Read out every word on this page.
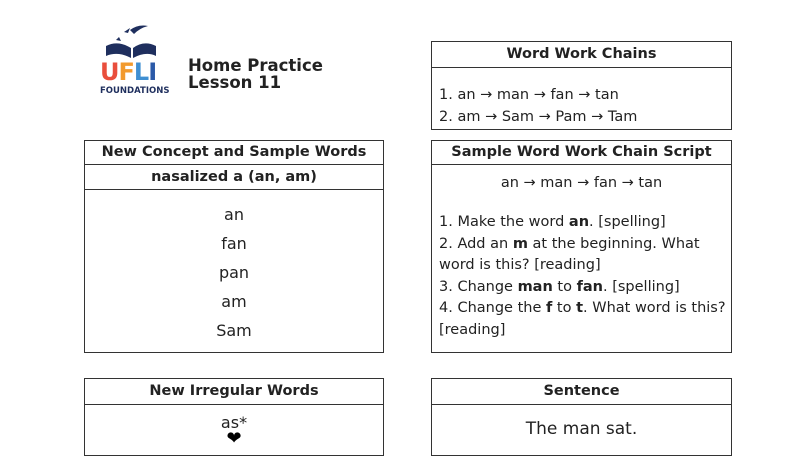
UFLI
FOUNDATIONS
Home Practice
Lesson 11
Word Work Chains
1. an → man → fan → tan
2. am → Sam → Pam → Tam
New Concept and Sample Words
nasalized a (an, am)
an
fan
pan
am
Sam
Sample Word Work Chain Script
an → man → fan → tan

1. Make the word an. [spelling]

2. Add an m at the beginning. What word is this? [reading]

3. Change man to fan. [spelling]

4. Change the f to t. What word is this? [reading]

New Irregular Words
as*
❤
Sentence
The man sat.
